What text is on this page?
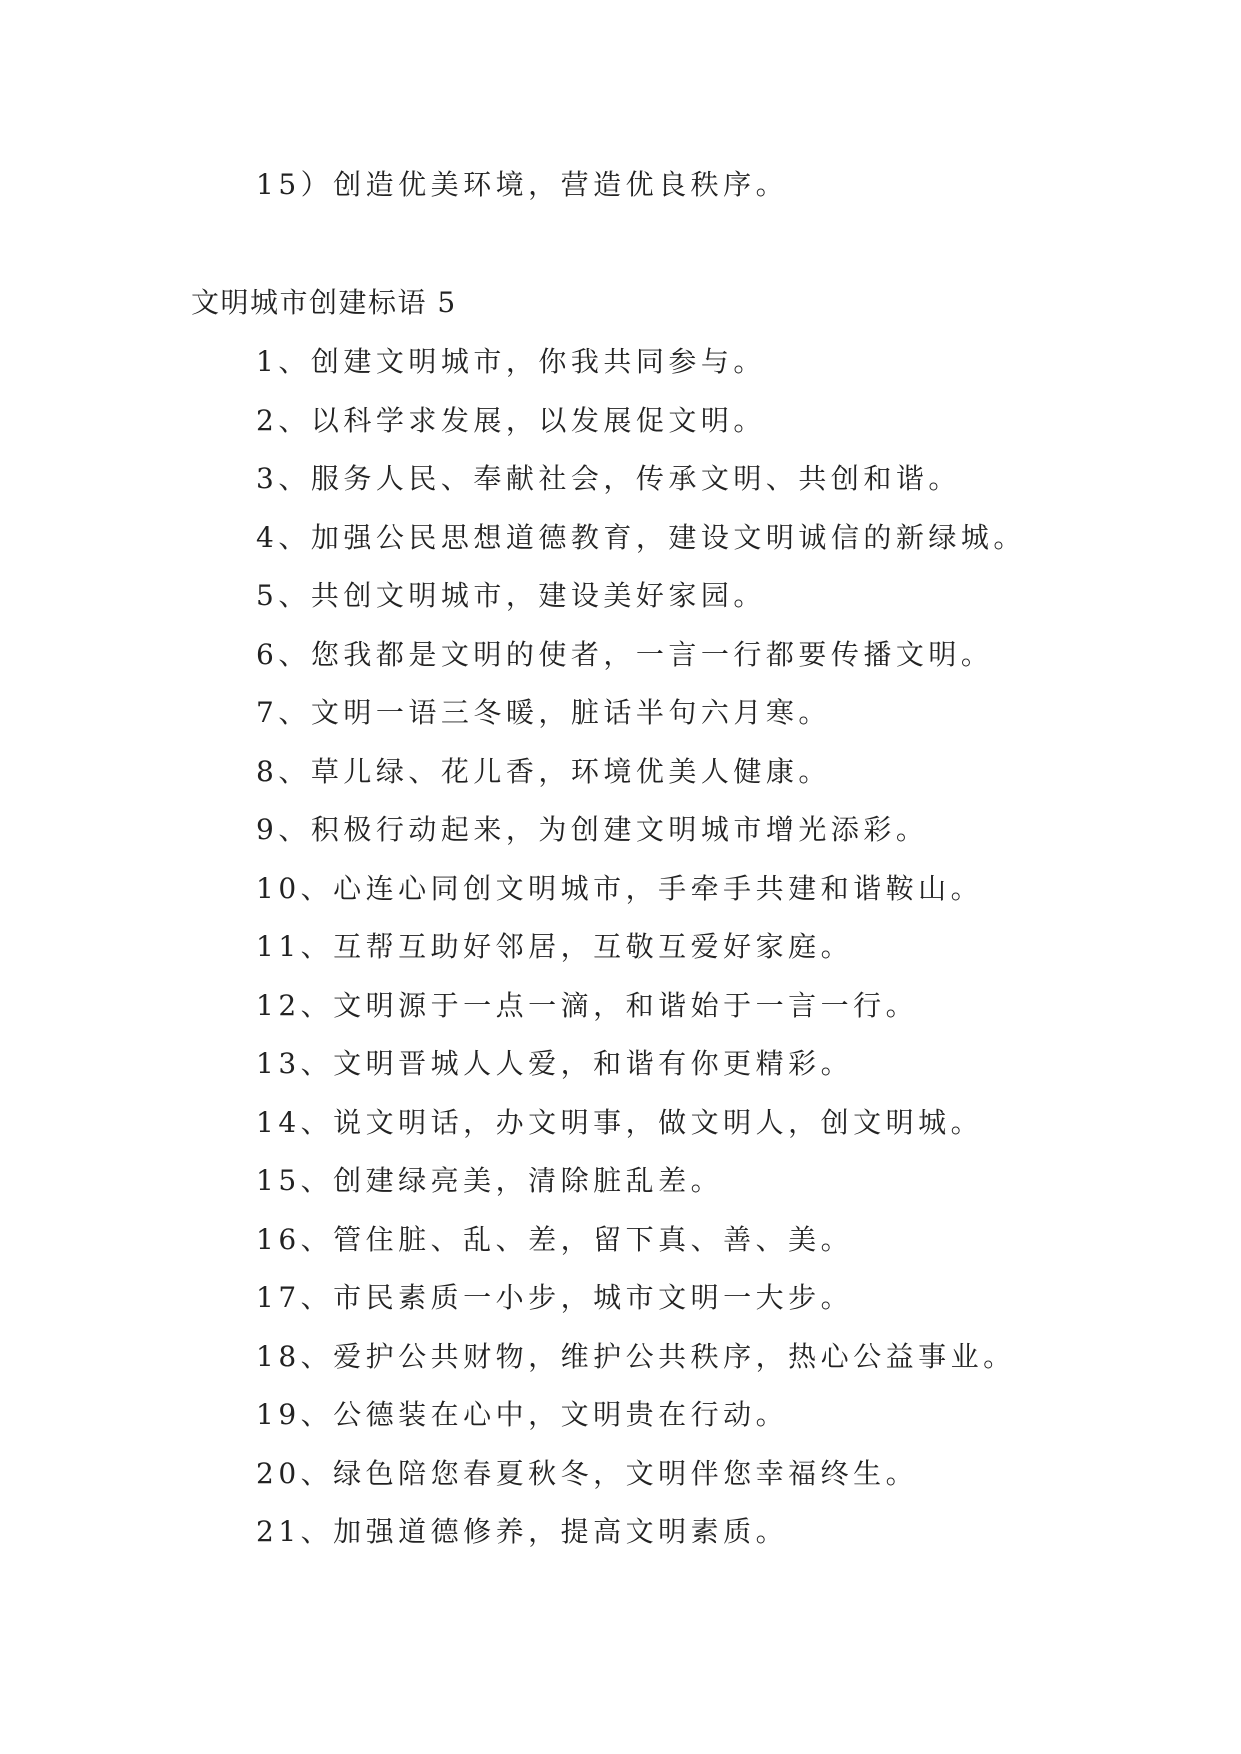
15）创造优美环境，营造优良秩序。
文明城市创建标语 5
1、创建文明城市，你我共同参与。
2、以科学求发展，以发展促文明。
3、服务人民、奉献社会，传承文明、共创和谐。
4、加强公民思想道德教育，建设文明诚信的新绿城。
5、共创文明城市，建设美好家园。
6、您我都是文明的使者，一言一行都要传播文明。
7、文明一语三冬暖，脏话半句六月寒。
8、草儿绿、花儿香，环境优美人健康。
9、积极行动起来，为创建文明城市增光添彩。
10、心连心同创文明城市，手牵手共建和谐鞍山。
11、互帮互助好邻居，互敬互爱好家庭。
12、文明源于一点一滴，和谐始于一言一行。
13、文明晋城人人爱，和谐有你更精彩。
14、说文明话，办文明事，做文明人，创文明城。
15、创建绿亮美，清除脏乱差。
16、管住脏、乱、差，留下真、善、美。
17、市民素质一小步，城市文明一大步。
18、爱护公共财物，维护公共秩序，热心公益事业。
19、公德装在心中，文明贵在行动。
20、绿色陪您春夏秋冬，文明伴您幸福终生。
21、加强道德修养，提高文明素质。
